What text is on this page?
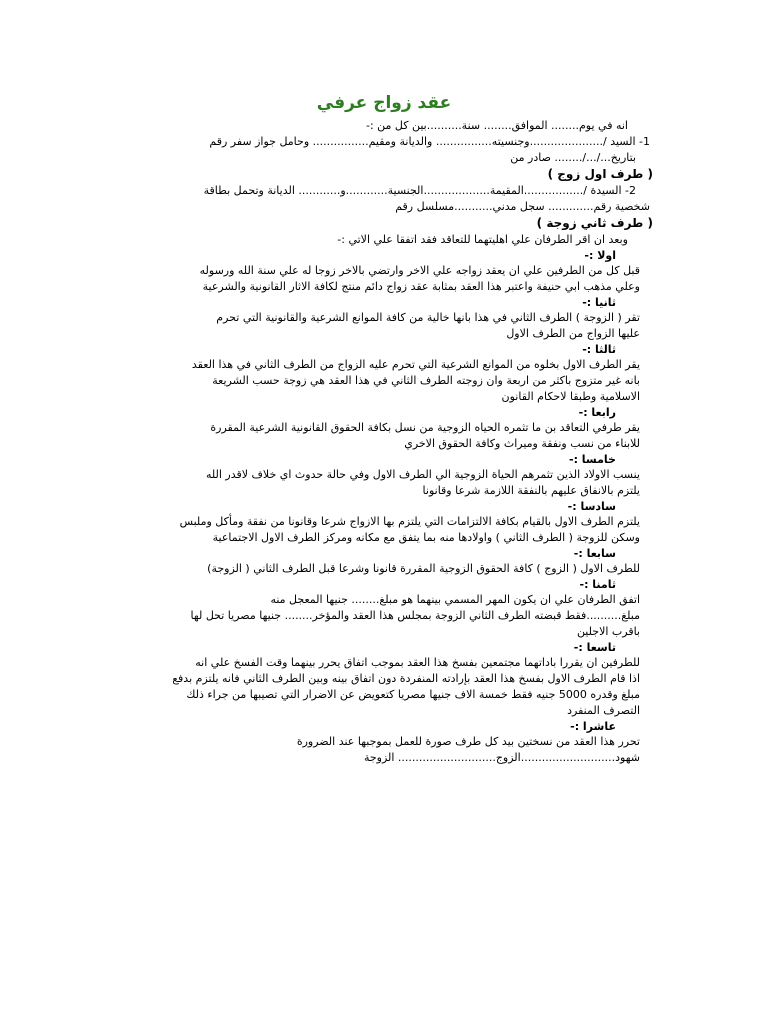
عقد زواج عرفي

انه في يوم........ الموافق........ سنة..........بين كل من :-

1- السيد /.....................وجنسيته................ والديانة ومقيم................ وحامل جواز سفر رقم

بتاريخ.../.../........ صادر من

( طرف اول زوج )

2- السيدة /.................المقيمة...................الجنسية............و............ الديانة وتحمل بطاقة

شخصية رقم............. سجل مدني...........مسلسل رقم

( طرف ثاني زوجة )

وبعد ان اقر الطرفان علي اهليتهما للتعاقد فقد اتفقا علي الاتي :-

اولا :-

قبل كل من الطرفين علي ان يعقد زواجه علي الاخر وارتضي بالاخر زوجا له علي سنة الله ورسوله

وعلي مذهب ابي حنيفة واعتبر هذا العقد بمثابة عقد زواج دائم منتج لكافة الاثار القانونية والشرعية

ثانيا :-

تقر ( الزوجة ) الطرف الثاني في هذا بانها خالية من كافة الموانع الشرعية والقانونية التي تحرم

عليها الزواج من الطرف الاول

ثالثا :-

يقر الطرف الاول بخلوه من الموانع الشرعية التي تحرم عليه الزواج من الطرف الثاني في هذا العقد

بانه غير متزوج باكثر من اربعة وان زوجته الطرف الثاني في هذا العقد هي زوجة حسب الشريعة

الاسلامية وطبقا لاحكام القانون

رابعا :-

يقر طرفي التعاقد بن ما تثمره الحياه الزوجية من نسل بكافة الحقوق القانونية الشرعية المقررة

للابناء من نسب ونفقة وميراث وكافة الحقوق الاخري

خامسا :-

ينسب الاولاد الذين تثمرهم الحياة الزوجية الي الطرف الاول وفي حالة حدوث اي خلاف لاقدر الله

يلتزم بالانفاق عليهم بالنفقة اللازمة شرعا وقانونا

سادسا :-

يلتزم الطرف الاول بالقيام بكافة الالتزامات التي يلتزم بها الازواج شرعا وقانونا من نفقة ومأكل وملبس

وسكن للزوجة ( الطرف الثاني ) واولادها منه بما يتفق مع مكانه ومركز الطرف الاول الاجتماعية

سابعا :-

للطرف الاول ( الزوج ) كافة الحقوق الزوجية المقررة قانونا وشرعا قبل الطرف الثاني ( الزوجة)

ثامنا :-

اتفق الطرفان علي ان يكون المهر المسمي بينهما هو مبلغ........ جنيها المعجل منه

مبلغ..........فقط قبضته الطرف الثاني الزوجة بمجلس هذا العقد والمؤخر........ جنيها مصريا تحل لها

باقرب الاجلين

تاسعا :-

للطرفين ان يقررا باداتهما مجتمعين بفسخ هذا العقد بموجب اتفاق يحرر بينهما وقت الفسخ علي انه

اذا قام الطرف الاول بفسخ هذا العقد بإرادته المنفردة دون اتفاق بينه وبين الطرف الثاني فانه يلتزم بدفع

مبلغ وقدره 5000 جنيه فقط خمسة الاف جنيها مصريا كتعويض عن الاضرار التي تصيبها من جراء ذلك

التصرف المنفرد

عاشرا :-

تحرر هذا العقد من نسختين بيد كل طرف صورة للعمل بموجبها عند الضرورة

شهود...........................الزوج............................ الزوجة
